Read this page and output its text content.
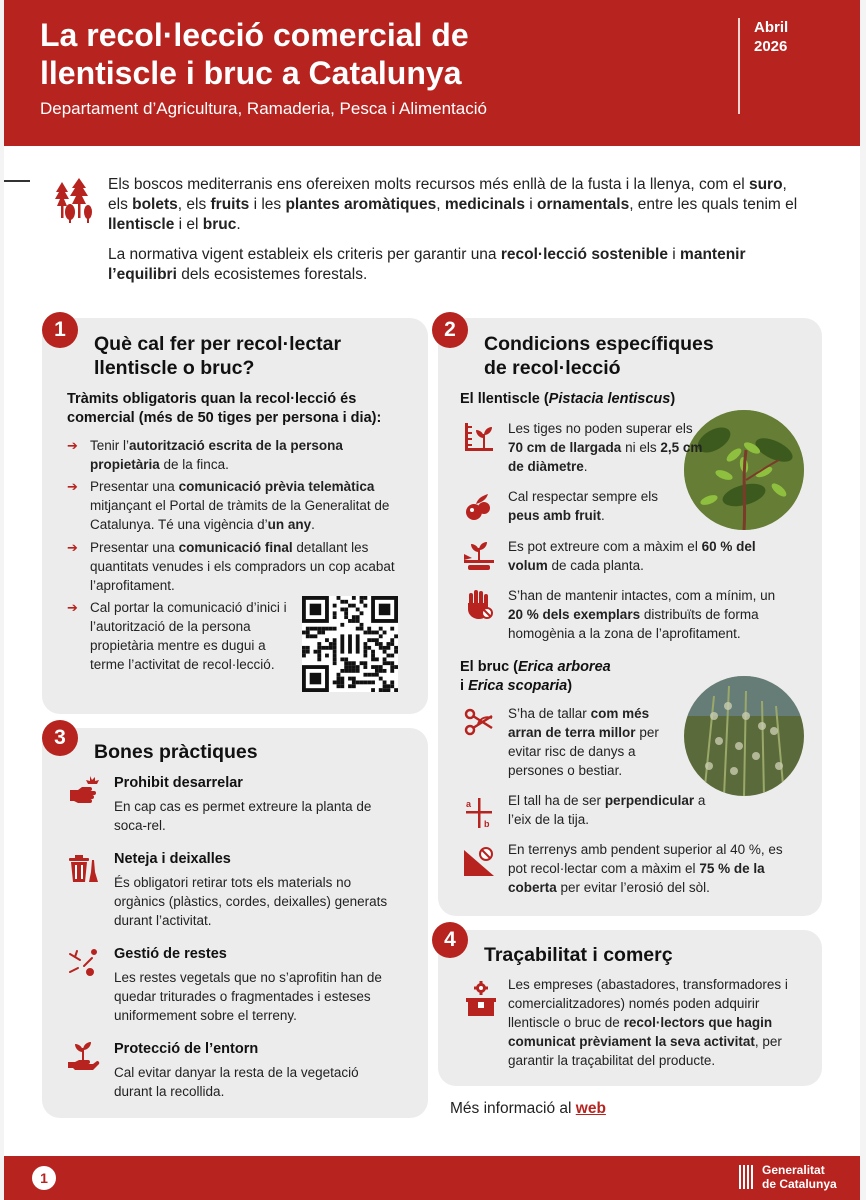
La recol·lecció comercial de
llentiscle i bruc a Catalunya
Departament d’Agricultura, Ramaderia, Pesca i Alimentació
Abril
2026

Els boscos mediterranis ens ofereixen molts recursos més enllà de la fusta i la llenya, com el suro, els bolets, els fruits i les plantes aromàtiques, medicinals i ornamentals, entre les quals tenim el llentiscle i el bruc.

La normativa vigent estableix els criteris per garantir una recol·lecció sostenible i mantenir l’equilibri dels ecosistemes forestals.

1
Què cal fer per recol·lectar
llentiscle o bruc?
Tràmits obligatoris quan la recol·lecció és
comercial (més de 50 tiges per persona i dia):
➔ Tenir l’autorització escrita de la persona propietària de la finca.
➔ Presentar una comunicació prèvia telemàtica mitjançant el Portal de tràmits de la Generalitat de Catalunya. Té una vigència d’un any.
➔ Presentar una comunicació final detallant les quantitats venudes i els compradors un cop acabat l’aprofitament.
➔ Cal portar la comunicació d’inici i l’autorització de la persona propietària mentre es dugui a terme l’activitat de recol·lecció.
3
Bones pràctiques
Prohibit desarrelar
En cap cas es permet extreure la planta de soca-rel.
Neteja i deixalles
És obligatori retirar tots els materials no orgànics (plàstics, cordes, deixalles) generats durant l’activitat.
Gestió de restes
Les restes vegetals que no s’aprofitin han de quedar triturades o fragmentades i esteses uniformement sobre el terreny.
Protecció de l’entorn
Cal evitar danyar la resta de la vegetació durant la recollida.
2
Condicions específiques
de recol·lecció
El llentiscle (Pistacia lentiscus)
Les tiges no poden superar els 70 cm de llargada ni els 2,5 cm de diàmetre.
Cal respectar sempre els peus amb fruit.
Es pot extreure com a màxim el 60 % del volum de cada planta.
S’han de mantenir intactes, com a mínim, un 20 % dels exemplars distribuïts de forma homogènia a la zona de l’aprofitament.
El bruc (Erica arborea
i Erica scoparia)
S’ha de tallar com més arran de terra millor per evitar risc de danys a persones o bestiar.
a
b
El tall ha de ser perpendicular a l’eix de la tija.
En terrenys amb pendent superior al 40 %, es pot recol·lectar com a màxim el 75 % de la coberta per evitar l’erosió del sòl.
4
Traçabilitat i comerç
Les empreses (abastadores, transformadores i comercialitzadores) només poden adquirir llentiscle o bruc de recol·lectors que hagin comunicat prèviament la seva activitat, per garantir la traçabilitat del producte.
Més informació al web
1	Generalitat
de Catalunya
